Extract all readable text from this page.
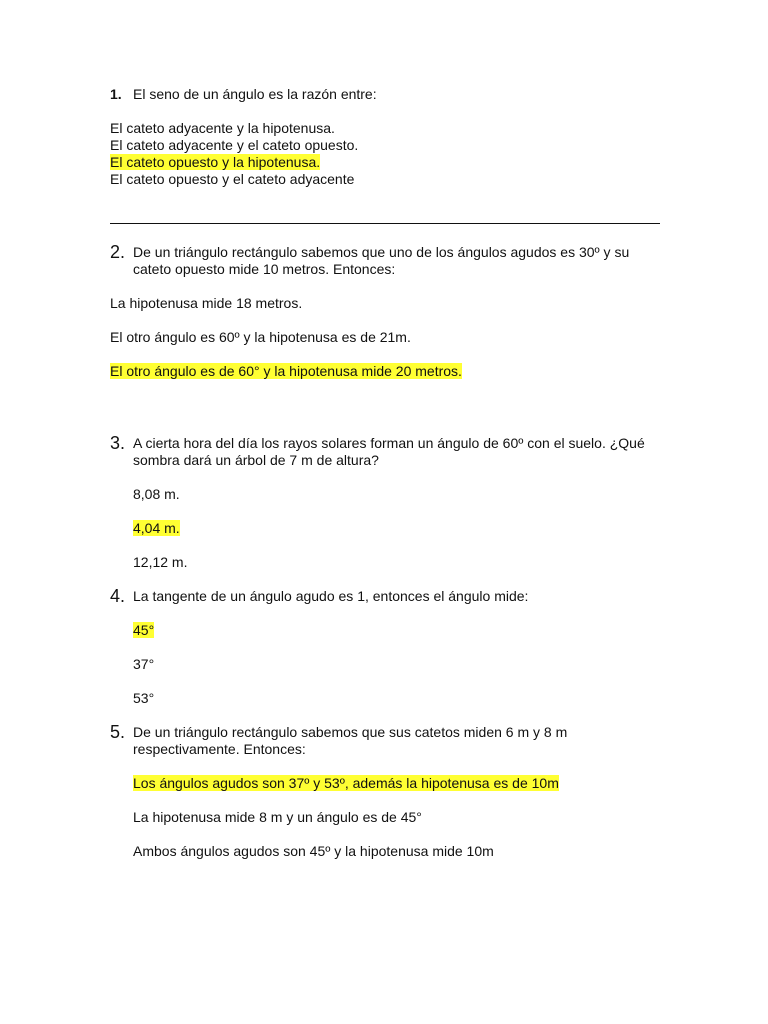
1. El seno de un ángulo es la razón entre:
El cateto adyacente y la hipotenusa.
El cateto adyacente y el cateto opuesto.
El cateto opuesto y la hipotenusa.
El cateto opuesto y el cateto adyacente
2. De un triángulo rectángulo sabemos que uno de los ángulos agudos es 30º y su cateto opuesto mide 10 metros. Entonces:
La hipotenusa mide 18 metros.
El otro ángulo es 60º y la hipotenusa es de 21m.
El otro ángulo es de 60° y la hipotenusa mide 20 metros.
3. A cierta hora del día los rayos solares forman un ángulo de 60º con el suelo. ¿Qué sombra dará un árbol de 7 m de altura?
8,08 m.
4,04 m.
12,12 m.
4. La tangente de un ángulo agudo es 1, entonces el ángulo mide:
45°
37°
53°
5. De un triángulo rectángulo sabemos que sus catetos miden 6 m y 8 m respectivamente. Entonces:
Los ángulos agudos son 37º y 53º, además la hipotenusa es de 10m
La hipotenusa mide 8 m y un ángulo es de 45°
Ambos ángulos agudos son 45º y la hipotenusa mide 10m
